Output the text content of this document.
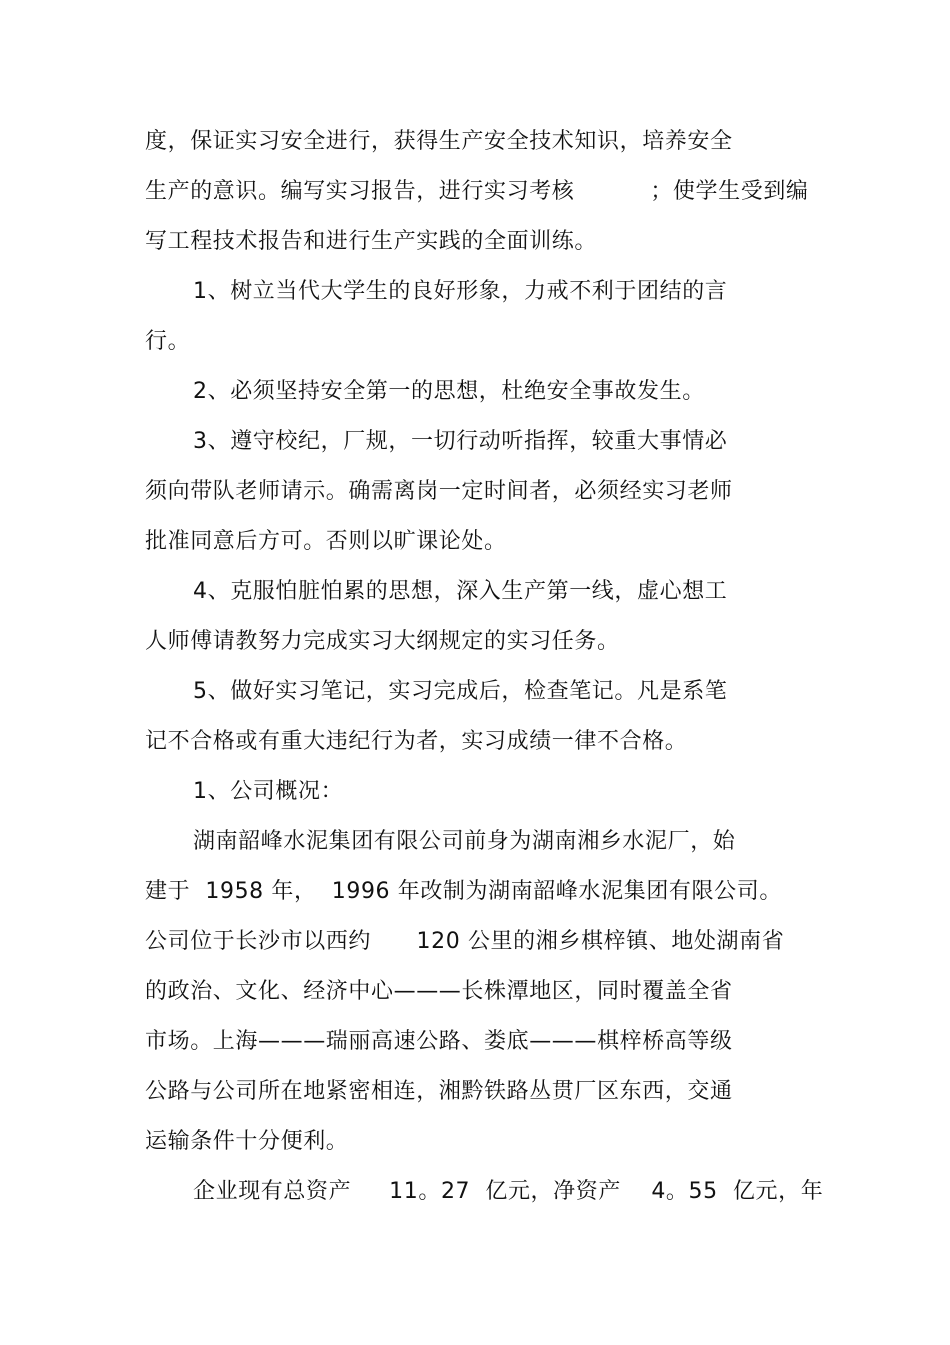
度，保证实习安全进行，获得生产安全技术知识，培养安全
生产的意识。编写实习报告，进行实习考核          ；使学生受到编
写工程技术报告和进行生产实践的全面训练。
1、树立当代大学生的良好形象，力戒不利于团结的言
行。
2、必须坚持安全第一的思想，杜绝安全事故发生。
3、遵守校纪，厂规，一切行动听指挥，较重大事情必
须向带队老师请示。确需离岗一定时间者，必须经实习老师
批准同意后方可。否则以旷课论处。
4、克服怕脏怕累的思想，深入生产第一线，虚心想工
人师傅请教努力完成实习大纲规定的实习任务。
5、做好实习笔记，实习完成后，检查笔记。凡是系笔
记不合格或有重大违纪行为者，实习成绩一律不合格。
1、公司概况：
湖南韶峰水泥集团有限公司前身为湖南湘乡水泥厂，始
建于  1958 年，  1996 年改制为湖南韶峰水泥集团有限公司。
公司位于长沙市以西约      120 公里的湘乡棋梓镇、地处湖南省
的政治、文化、经济中心———长株潭地区，同时覆盖全省
市场。上海———瑞丽高速公路、娄底———棋梓桥高等级
公路与公司所在地紧密相连，湘黔铁路丛贯厂区东西，交通
运输条件十分便利。
企业现有总资产     11。27  亿元，净资产    4。55  亿元，年
